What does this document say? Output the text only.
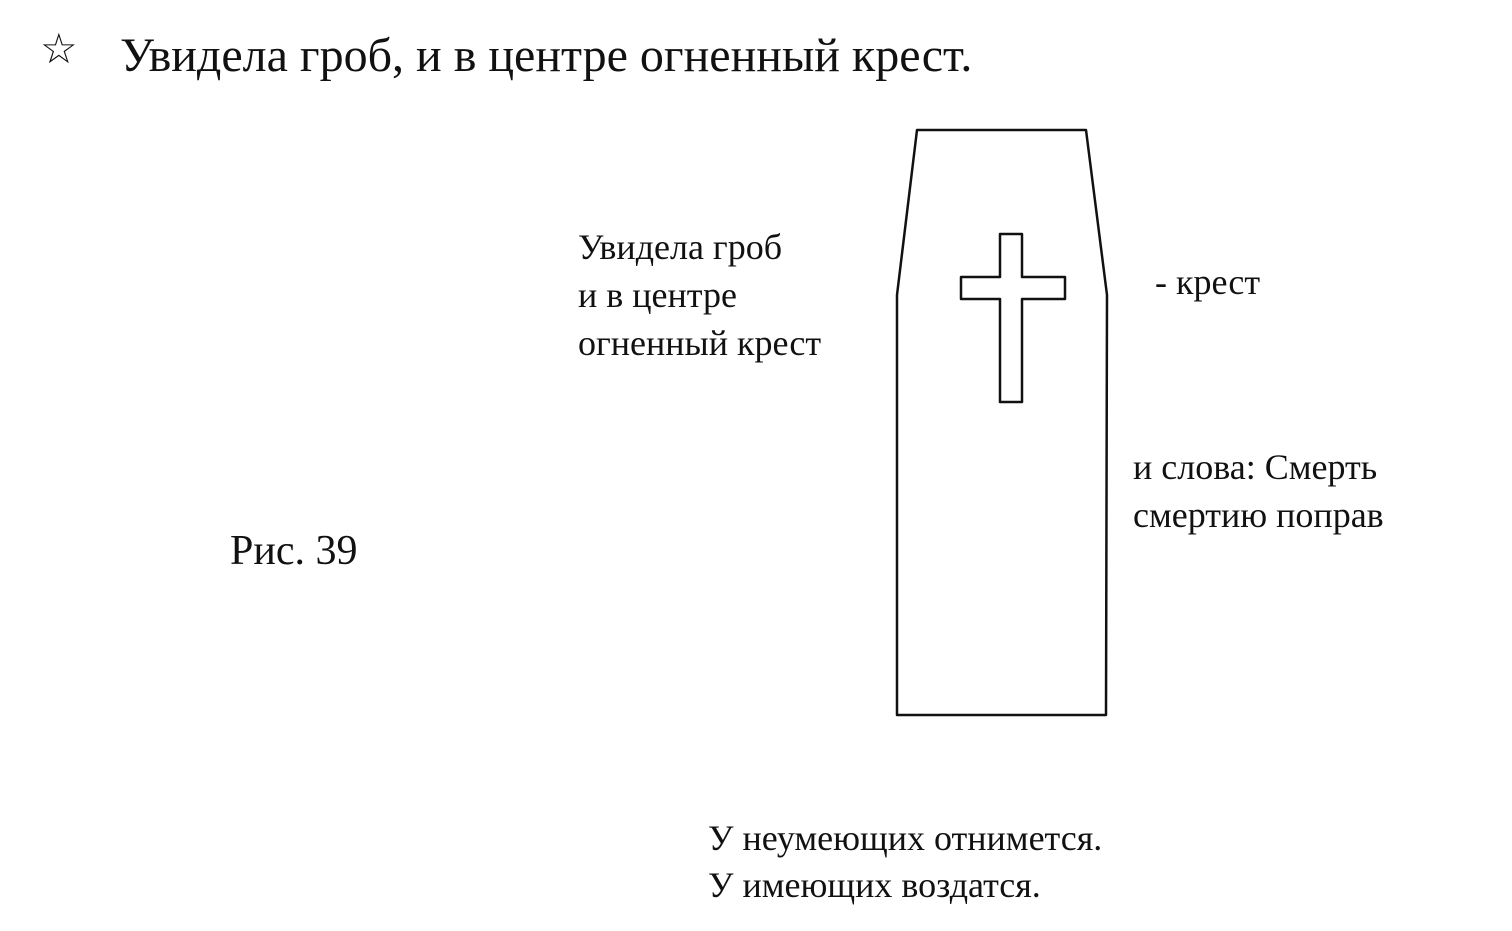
☆ Увидела гроб, и в центре огненный крест.

Увидела гроб
и в центре
огненный крест

- крест

и слова: Смерть
смертию поправ

Рис. 39

У неумеющих отнимется.
У имеющих воздатся.
